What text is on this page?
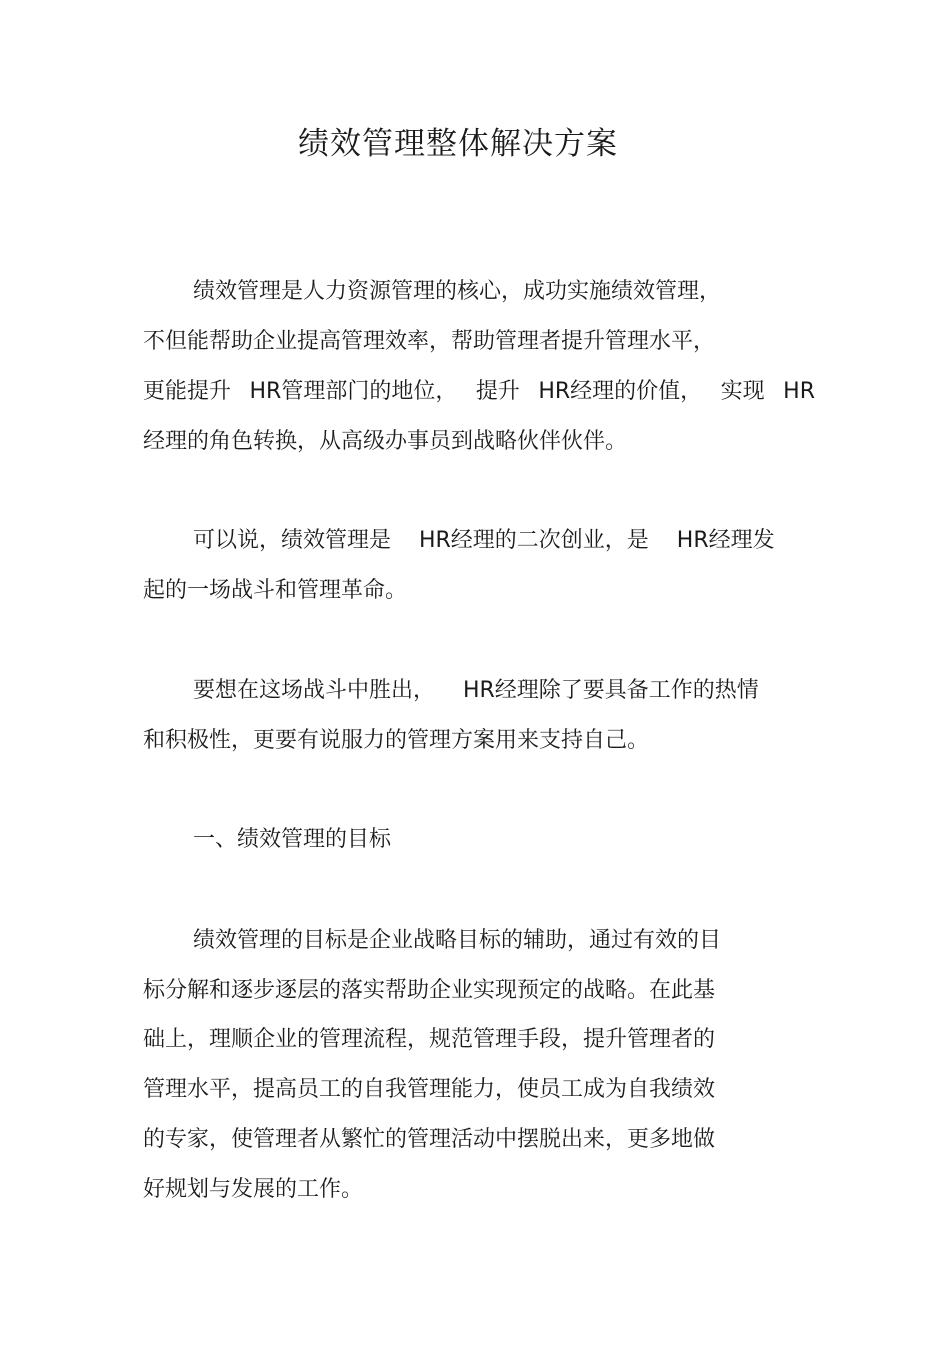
绩效管理整体解决方案
绩效管理是人力资源管理的核心，成功实施绩效管理，
不但能帮助企业提高管理效率，帮助管理者提升管理水平，
更能提升 HR管理部门的地位， 提升 HR经理的价值， 实现 HR
经理的角色转换，从高级办事员到战略伙伴伙伴。
可以说，绩效管理是    HR经理的二次创业，是    HR经理发
起的一场战斗和管理革命。
要想在这场战斗中胜出，    HR经理除了要具备工作的热情
和积极性，更要有说服力的管理方案用来支持自己。
一、绩效管理的目标
绩效管理的目标是企业战略目标的辅助，通过有效的目
标分解和逐步逐层的落实帮助企业实现预定的战略。在此基
础上，理顺企业的管理流程，规范管理手段，提升管理者的
管理水平，提高员工的自我管理能力，使员工成为自我绩效
的专家，使管理者从繁忙的管理活动中摆脱出来，更多地做
好规划与发展的工作。
